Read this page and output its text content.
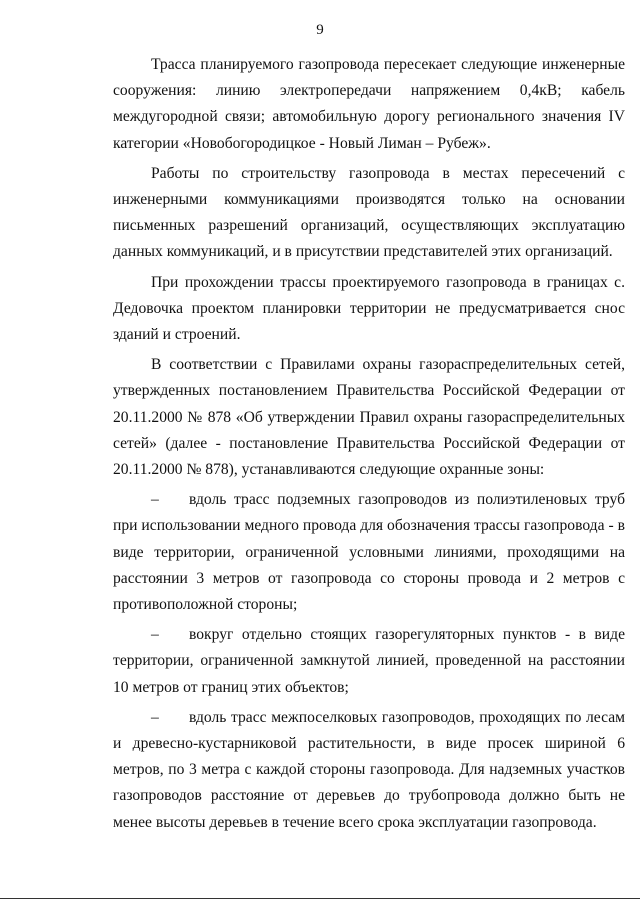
9

Трасса планируемого газопровода пересекает следующие инженерные сооружения: линию электропередачи напряжением 0,4кВ; кабель междугородной связи; автомобильную дорогу регионального значения IV категории «Новобогородицкое - Новый Лиман – Рубеж».

Работы по строительству газопровода в местах пересечений с инженерными коммуникациями производятся только на основании письменных разрешений организаций, осуществляющих эксплуатацию данных коммуникаций, и в присутствии представителей этих организаций.

При прохождении трассы проектируемого газопровода в границах с. Дедовочка проектом планировки территории не предусматривается снос зданий и строений.

В соответствии с Правилами охраны газораспределительных сетей, утвержденных постановлением Правительства Российской Федерации от 20.11.2000 № 878 «Об утверждении Правил охраны газораспределительных сетей» (далее - постановление Правительства Российской Федерации от 20.11.2000 № 878), устанавливаются следующие охранные зоны:

– вдоль трасс подземных газопроводов из полиэтиленовых труб при использовании медного провода для обозначения трассы газопровода - в виде территории, ограниченной условными линиями, проходящими на расстоянии 3 метров от газопровода со стороны провода и 2 метров с противоположной стороны;

– вокруг отдельно стоящих газорегуляторных пунктов - в виде территории, ограниченной замкнутой линией, проведенной на расстоянии 10 метров от границ этих объектов;

– вдоль трасс межпоселковых газопроводов, проходящих по лесам и древесно-кустарниковой растительности, в виде просек шириной 6 метров, по 3 метра с каждой стороны газопровода. Для надземных участков газопроводов расстояние от деревьев до трубопровода должно быть не менее высоты деревьев в течение всего срока эксплуатации газопровода.
